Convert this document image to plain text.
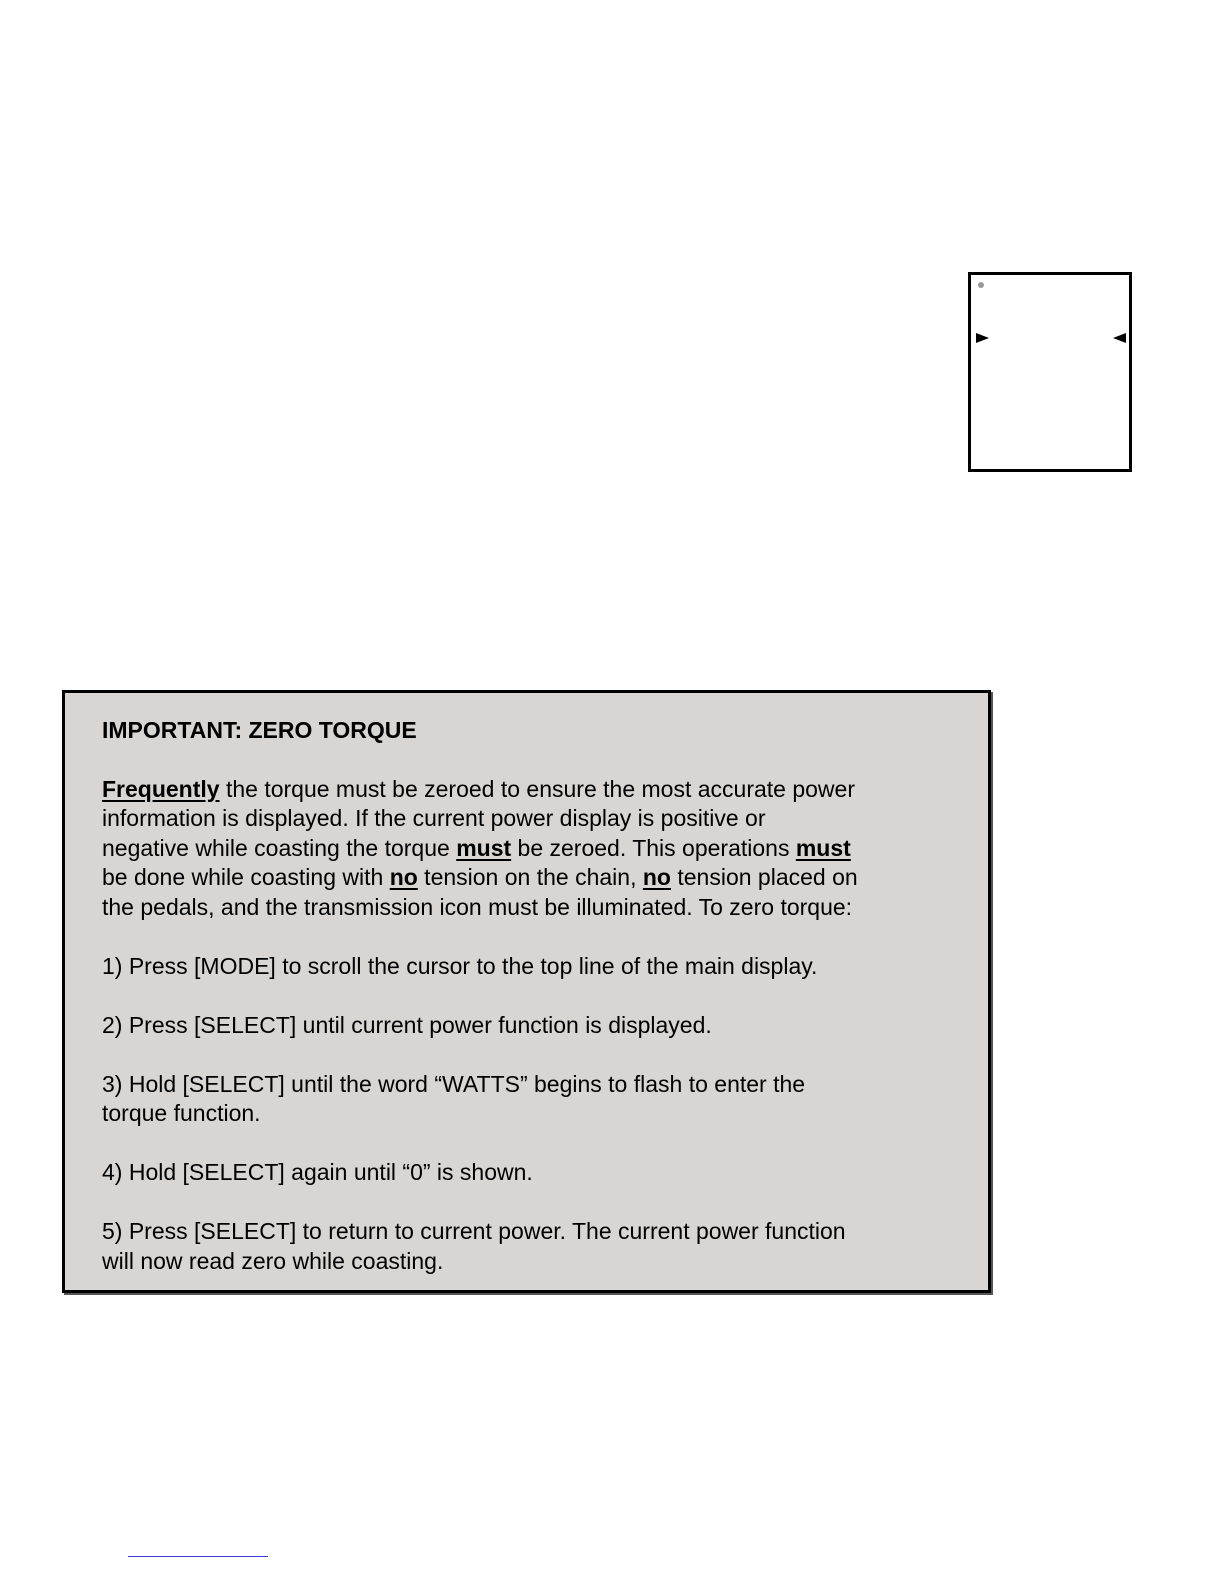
IMPORTANT: ZERO TORQUE

Frequently the torque must be zeroed to ensure the most accurate power
information is displayed. If the current power display is positive or
negative while coasting the torque must be zeroed. This operations must
be done while coasting with no tension on the chain, no tension placed on
the pedals, and the transmission icon must be illuminated. To zero torque:

1) Press [MODE] to scroll the cursor to the top line of the main display.

2) Press [SELECT] until current power function is displayed.

3) Hold [SELECT] until the word “WATTS” begins to flash to enter the
torque function.

4) Hold [SELECT] again until “0” is shown.

5) Press [SELECT] to return to current power. The current power function
will now read zero while coasting.
